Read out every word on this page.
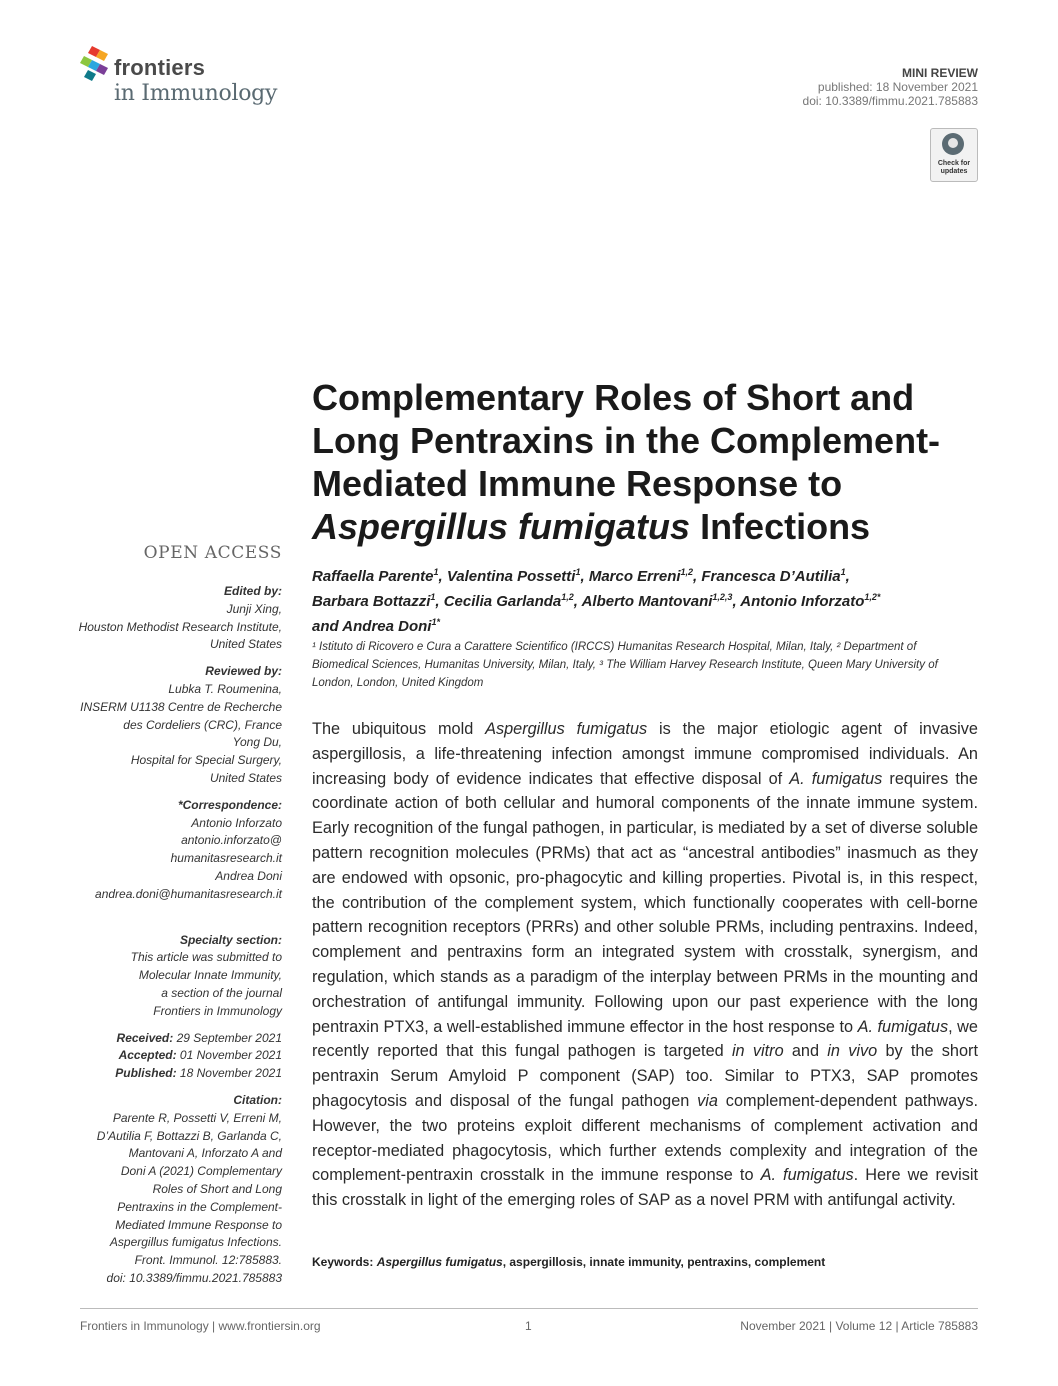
frontiers
in Immunology
MINI REVIEW
published: 18 November 2021
doi: 10.3389/fimmu.2021.785883
Check for
updates
Complementary Roles of Short and
Long Pentraxins in the Complement-
Mediated Immune Response to
Aspergillus fumigatus Infections
OPEN ACCESS
Edited by:
Junji Xing,
Houston Methodist Research Institute,
United States
Reviewed by:
Lubka T. Roumenina,
INSERM U1138 Centre de Recherche
des Cordeliers (CRC), France
Yong Du,
Hospital for Special Surgery,
United States
*Correspondence:
Antonio Inforzato
antonio.inforzato@
humanitasresearch.it
Andrea Doni
andrea.doni@humanitasresearch.it
Specialty section:
This article was submitted to
Molecular Innate Immunity,
a section of the journal
Frontiers in Immunology
Received: 29 September 2021
Accepted: 01 November 2021
Published: 18 November 2021
Citation:
Parente R, Possetti V, Erreni M,
D’Autilia F, Bottazzi B, Garlanda C,
Mantovani A, Inforzato A and
Doni A (2021) Complementary
Roles of Short and Long
Pentraxins in the Complement-
Mediated Immune Response to
Aspergillus fumigatus Infections.
Front. Immunol. 12:785883.
doi: 10.3389/fimmu.2021.785883
Raffaella Parente$^1$, Valentina Possetti$^1$, Marco Erreni$^{1,2}$, Francesca D’Autilia$^1$,
Barbara Bottazzi$^1$, Cecilia Garlanda$^{1,2}$, Alberto Mantovani$^{1,2,3}$, Antonio Inforzato$^{1,2*}$
and Andrea Doni$^{1*}$
¹ Istituto di Ricovero e Cura a Carattere Scientifico (IRCCS) Humanitas Research Hospital, Milan, Italy, ² Department of
Biomedical Sciences, Humanitas University, Milan, Italy, ³ The William Harvey Research Institute, Queen Mary University of
London, London, United Kingdom
The ubiquitous mold Aspergillus fumigatus is the major etiologic agent of invasive aspergillosis, a life-threatening infection amongst immune compromised individuals. An increasing body of evidence indicates that effective disposal of A. fumigatus requires the coordinate action of both cellular and humoral components of the innate immune system. Early recognition of the fungal pathogen, in particular, is mediated by a set of diverse soluble pattern recognition molecules (PRMs) that act as “ancestral antibodies” inasmuch as they are endowed with opsonic, pro-phagocytic and killing properties. Pivotal is, in this respect, the contribution of the complement system, which functionally cooperates with cell-borne pattern recognition receptors (PRRs) and other soluble PRMs, including pentraxins. Indeed, complement and pentraxins form an integrated system with crosstalk, synergism, and regulation, which stands as a paradigm of the interplay between PRMs in the mounting and orchestration of antifungal immunity. Following upon our past experience with the long pentraxin PTX3, a well-established immune effector in the host response to A. fumigatus, we recently reported that this fungal pathogen is targeted in vitro and in vivo by the short pentraxin Serum Amyloid P component (SAP) too. Similar to PTX3, SAP promotes phagocytosis and disposal of the fungal pathogen via complement-dependent pathways. However, the two proteins exploit different mechanisms of complement activation and receptor-mediated phagocytosis, which further extends complexity and integration of the complement-pentraxin crosstalk in the immune response to A. fumigatus. Here we revisit this crosstalk in light of the emerging roles of SAP as a novel PRM with antifungal activity.
Keywords: Aspergillus fumigatus, aspergillosis, innate immunity, pentraxins, complement
Frontiers in Immunology | www.frontiersin.org	1	November 2021 | Volume 12 | Article 785883
